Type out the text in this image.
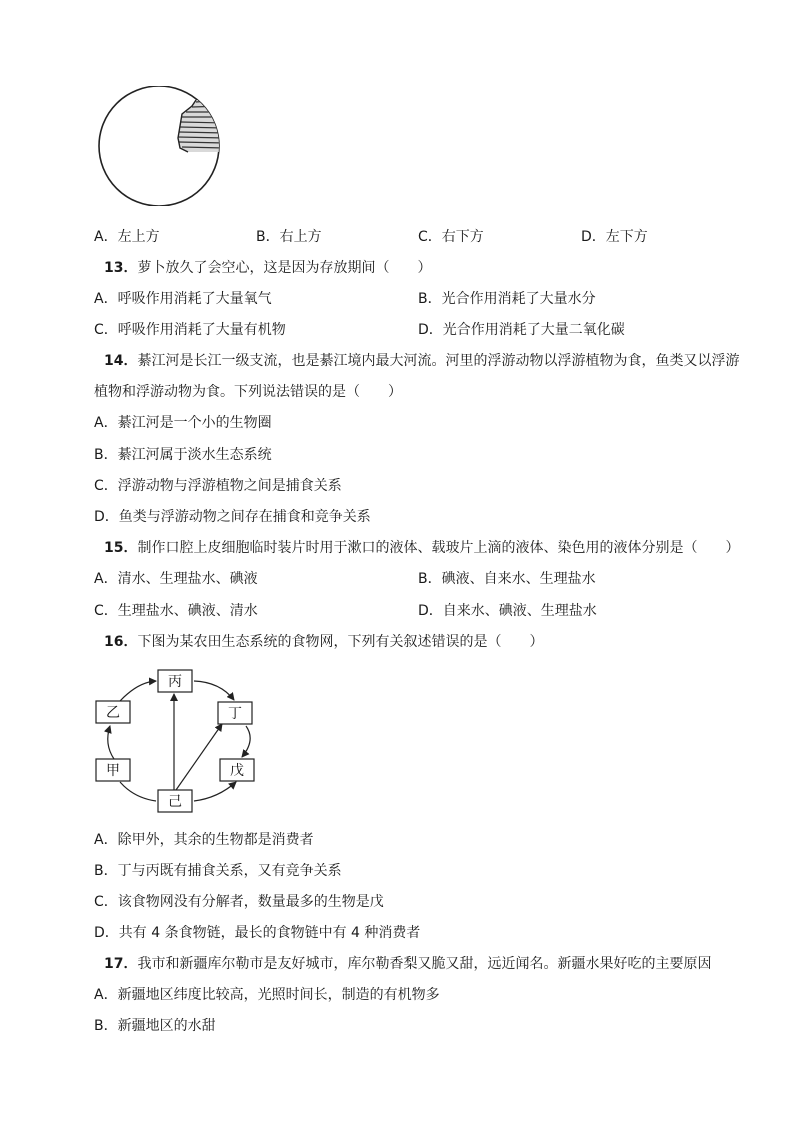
A．左上方	B．右上方	C．右下方	D．左下方
13．萝卜放久了会空心，这是因为存放期间（　　）
A．呼吸作用消耗了大量氧气	B．光合作用消耗了大量水分
C．呼吸作用消耗了大量有机物	D．光合作用消耗了大量二氧化碳
14．綦江河是长江一级支流，也是綦江境内最大河流。河里的浮游动物以浮游植物为食，鱼类又以浮游
植物和浮游动物为食。下列说法错误的是（　　）
A．綦江河是一个小的生物圈
B．綦江河属于淡水生态系统
C．浮游动物与浮游植物之间是捕食关系
D．鱼类与浮游动物之间存在捕食和竞争关系
15．制作口腔上皮细胞临时装片时用于漱口的液体、载玻片上滴的液体、染色用的液体分别是（　　）
A．清水、生理盐水、碘液	B．碘液、自来水、生理盐水
C．生理盐水、碘液、清水	D．自来水、碘液、生理盐水
16．下图为某农田生态系统的食物网，下列有关叙述错误的是（　　）
丙
乙	丁
甲	戊
己
A．除甲外，其余的生物都是消费者
B．丁与丙既有捕食关系，又有竞争关系
C．该食物网没有分解者，数量最多的生物是戊
D．共有 4 条食物链，最长的食物链中有 4 种消费者
17．我市和新疆库尔勒市是友好城市，库尔勒香梨又脆又甜，远近闻名。新疆水果好吃的主要原因
A．新疆地区纬度比较高，光照时间长，制造的有机物多
B．新疆地区的水甜
